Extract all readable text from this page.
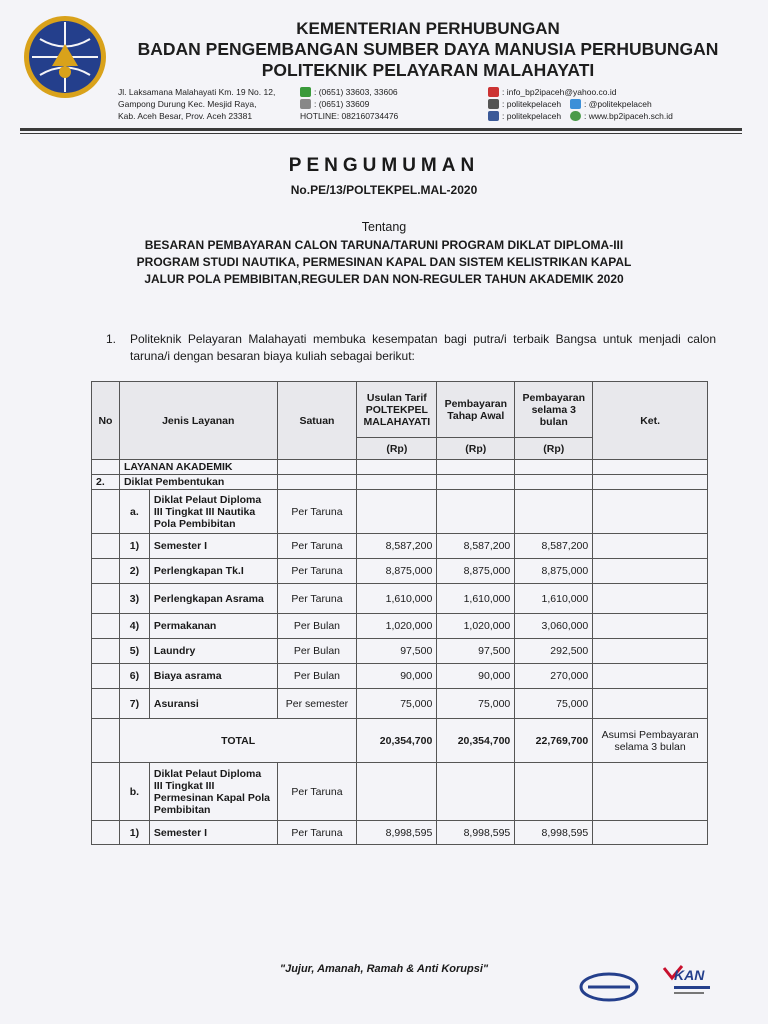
KEMENTERIAN PERHUBUNGAN
BADAN PENGEMBANGAN SUMBER DAYA MANUSIA PERHUBUNGAN
POLITEKNIK PELAYARAN MALAHAYATI
Jl. Laksamana Malahayati Km. 19 No. 12,
Gampong Durung Kec. Mesjid Raya,
Kab. Aceh Besar, Prov. Aceh 23381
: (0651) 33603, 33606
: (0651) 33609
HOTLINE: 082160734476
: info_bp2ipaceh@yahoo.co.id
: politekpelaceh	: @politekpelaceh
: politekpelaceh	: www.bp2ipaceh.sch.id
PENGUMUMAN
No.PE/13/POLTEKPEL.MAL-2020
Tentang
BESARAN PEMBAYARAN CALON TARUNA/TARUNI PROGRAM DIKLAT DIPLOMA-III PROGRAM STUDI NAUTIKA, PERMESINAN KAPAL DAN SISTEM KELISTRIKAN KAPAL JALUR POLA PEMBIBITAN,REGULER DAN NON-REGULER TAHUN AKADEMIK 2020
1. Politeknik Pelayaran Malahayati membuka kesempatan bagi putra/i terbaik Bangsa untuk menjadi calon taruna/i dengan besaran biaya kuliah sebagai berikut:
No	Jenis Layanan		Satuan	Usulan Tarif POLTEKPEL MALAHAYATI	Pembayaran Tahap Awal	Pembayaran selama 3 bulan	Ket.
				(Rp)	(Rp)	(Rp)	
	LAYANAN AKADEMIK						
2.	Diklat Pembentukan						
	a.	Diklat Pelaut Diploma III Tingkat III Nautika Pola Pembibitan	Per Taruna				
	1)	Semester I	Per Taruna	8,587,200	8,587,200	8,587,200	
	2)	Perlengkapan Tk.I	Per Taruna	8,875,000	8,875,000	8,875,000	
	3)	Perlengkapan Asrama	Per Taruna	1,610,000	1,610,000	1,610,000	
	4)	Permakanan	Per Bulan	1,020,000	1,020,000	3,060,000	
	5)	Laundry	Per Bulan	97,500	97,500	292,500	
	6)	Biaya asrama	Per Bulan	90,000	90,000	270,000	
	7)	Asuransi	Per semester	75,000	75,000	75,000	
	TOTAL			20,354,700	20,354,700	22,769,700	Asumsi Pembayaran selama 3 bulan
	b.	Diklat Pelaut Diploma III Tingkat III Permesinan Kapal Pola Pembibitan	Per Taruna				
	1)	Semester I	Per Taruna	8,998,595	8,998,595	8,998,595	
"Jujur, Amanah, Ramah & Anti Korupsi"	KAN
